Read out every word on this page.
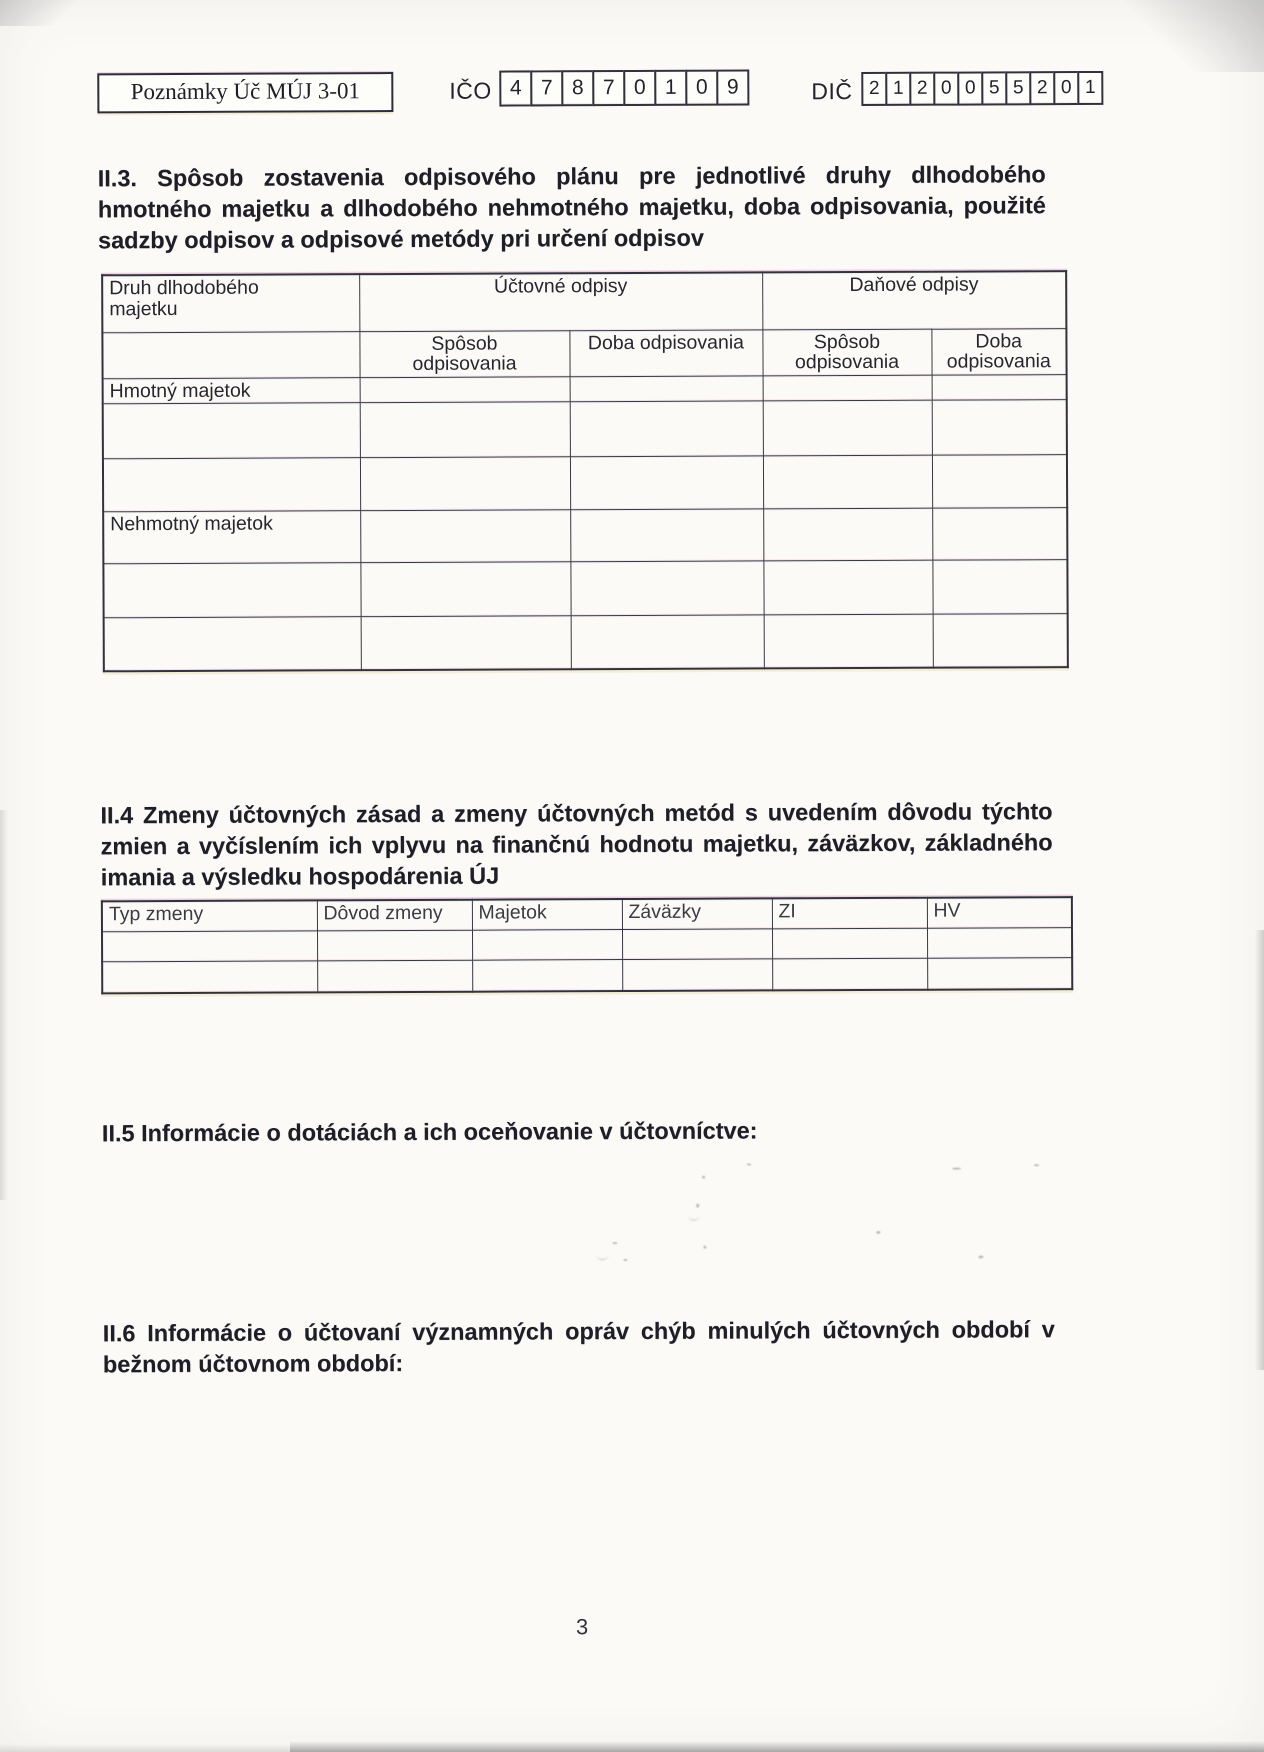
Poznámky Úč MÚJ 3-01	IČO 4 7 8 7 0 1 0 9	DIČ 2 1 2 0 0 5 5 2 0 1
II.3. Spôsob zostavenia odpisového plánu pre jednotlivé druhy dlhodobého hmotného majetku a dlhodobého nehmotného majetku, doba odpisovania, použité sadzby odpisov a odpisové metódy pri určení odpisov
Druh dlhodobého majetku	Účtovné odpisy		Daňové odpisy	

	Spôsob odpisovania	Doba odpisovania	Spôsob odpisovania	Doba odpisovania
Hmotný majetok				

Nehmotný majetok				

II.4 Zmeny účtovných zásad a zmeny účtovných metód s uvedením dôvodu týchto zmien a vyčíslením ich vplyvu na finančnú hodnotu majetku, záväzkov, základného imania a výsledku hospodárenia ÚJ
Typ zmeny	Dôvod zmeny	Majetok	Záväzky	ZI	HV

II.5 Informácie o dotáciách a ich oceňovanie v účtovníctve:
II.6 Informácie o účtovaní významných opráv chýb minulých účtovných období v bežnom účtovnom období:
3
